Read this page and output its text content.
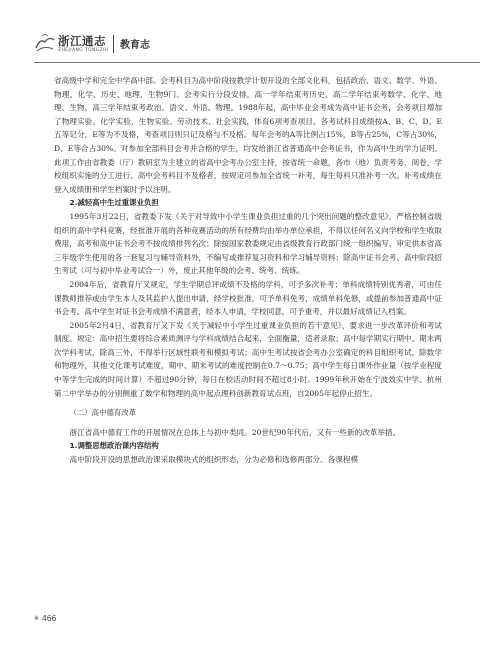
浙江通志
ZHEJIANG TONGZHI 教育志

省高级中学和完全中学高中部。会考科目为高中阶段按教学计划开设的全部文化科，包括政治、语文、数学、外语、物理、化学、历史、地理、生物9门。会考实行分段安排，高一学年结束考历史，高二学年结束考数学、化学、地理、生物，高三学年结束考政治、语文、外语、物理。1988年起，高中毕业会考成为高中证书会考，会考项目增加了物理实验、化学实验、生物实验、劳动技术、社会实践，体育6项考查项目。各考试科目成绩按A、B、C、D、E五等记分，E等为不及格，考查项目则只记及格与不及格。每年会考的A等比例占15%，B等占25%，C等占30%，D、E等合占30%。对参加全部科目会考并合格的学生，均发给浙江省普通高中会考证书，作为高中生的学力证明。此项工作由省教委（厅）教研室为主建立的省高中会考办公室主持，按省统一命题，各市（地）负责考务、阅卷，学校组织实施的分工进行。高中会考科目不及格者，按规定可参加全省统一补考，每生每科只准补考一次。补考成绩在登入成绩册和学生档案时予以注明。

2.减轻高中生过重课业负担

1995年3月22日，省教委下发《关于对导致中小学生课业负担过重的几个突出问题的整改意见》，严格控制省级组织的高中学科竞赛，经批准开展的各种竞赛活动的所有经费均由举办单位承担，不得以任何名义向学校和学生收取费用，高考和高中证书会考不按成绩排列名次；除按国家教委规定由省级教育行政部门统一组织编写、审定供本省高三年级学生使用的各一套复习与辅导资料外，不编写或推荐复习资料和学习辅导资料；除高中证书会考、高中阶段招生考试（可与初中毕业考试合一）外，废止其他年级的会考、统考、统练。

2004年后，省教育厅又规定，学生学期总评成绩不及格的学科，可予多次补考；单科成绩特别优秀者，可由任课教师推荐或由学生本人及其监护人提出申请，经学校批准，可予单科免考，成绩单科免修，或提前参加普通高中证书会考。高中学生对证书会考成绩不满意者，经本人申请，学校同意，可予重考，并以最好成绩记入档案。

2005年2月4日，省教育厅又下发《关于减轻中小学生过重课业负担的若干意见》，要求进一步改革评价和考试制度。规定：高中招生要将综合素质测评与学科成绩结合起来，全面衡量，适者录取；高中每学期实行期中、期末两次学科考试，除高三外，不得举行区域性联考和模拟考试；高中生考试按省会考办公室确定的科目组织考试，除数学和物理外，其他文化课考试难度，期中、期末考试的难度控制在0.7～0.75；高中学生每日课外作业量（按学业程度中等学生完成的时间计算）不超过90分钟，每日在校活动时间不超过8小时。1999年秋开始在宁波效实中学、杭州第二中学举办的分别侧重了数学和物理的高中起点理科创新教育试点班，自2005年起停止招生。

（二）高中德育改革

浙江省高中德育工作的开展情况在总体上与初中类同。20世纪90年代后，又有一些新的改革举措。

1.调整思想政治课内容结构

高中阶段开设的思想政治课采取模块式的组织形态，分为必修和选修两部分。各课程模

※ 466
